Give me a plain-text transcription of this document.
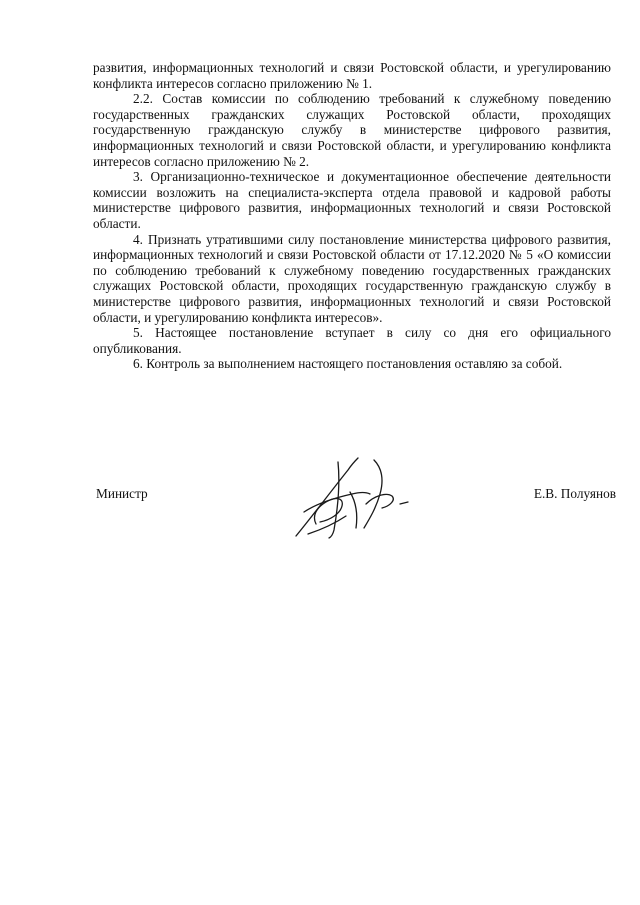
развития, информационных технологий и связи Ростовской области, и урегулированию конфликта интересов согласно приложению № 1.

2.2. Состав комиссии по соблюдению требований к служебному поведению государственных гражданских служащих Ростовской области, проходящих государственную гражданскую службу в министерстве цифрового развития, информационных технологий и связи Ростовской области, и урегулированию конфликта интересов согласно приложению № 2.

3. Организационно-техническое и документационное обеспечение деятельности комиссии возложить на специалиста-эксперта отдела правовой и кадровой работы министерстве цифрового развития, информационных технологий и связи Ростовской области.

4. Признать утратившими силу постановление министерства цифрового развития, информационных технологий и связи Ростовской области от 17.12.2020 № 5 «О комиссии по соблюдению требований к служебному поведению государственных гражданских служащих Ростовской области, проходящих государственную гражданскую службу в министерстве цифрового развития, информационных технологий и связи Ростовской области, и урегулированию конфликта интересов».

5. Настоящее постановление вступает в силу со дня его официального опубликования.

6. Контроль за выполнением настоящего постановления оставляю за собой.

Министр	Е.В. Полуянов
